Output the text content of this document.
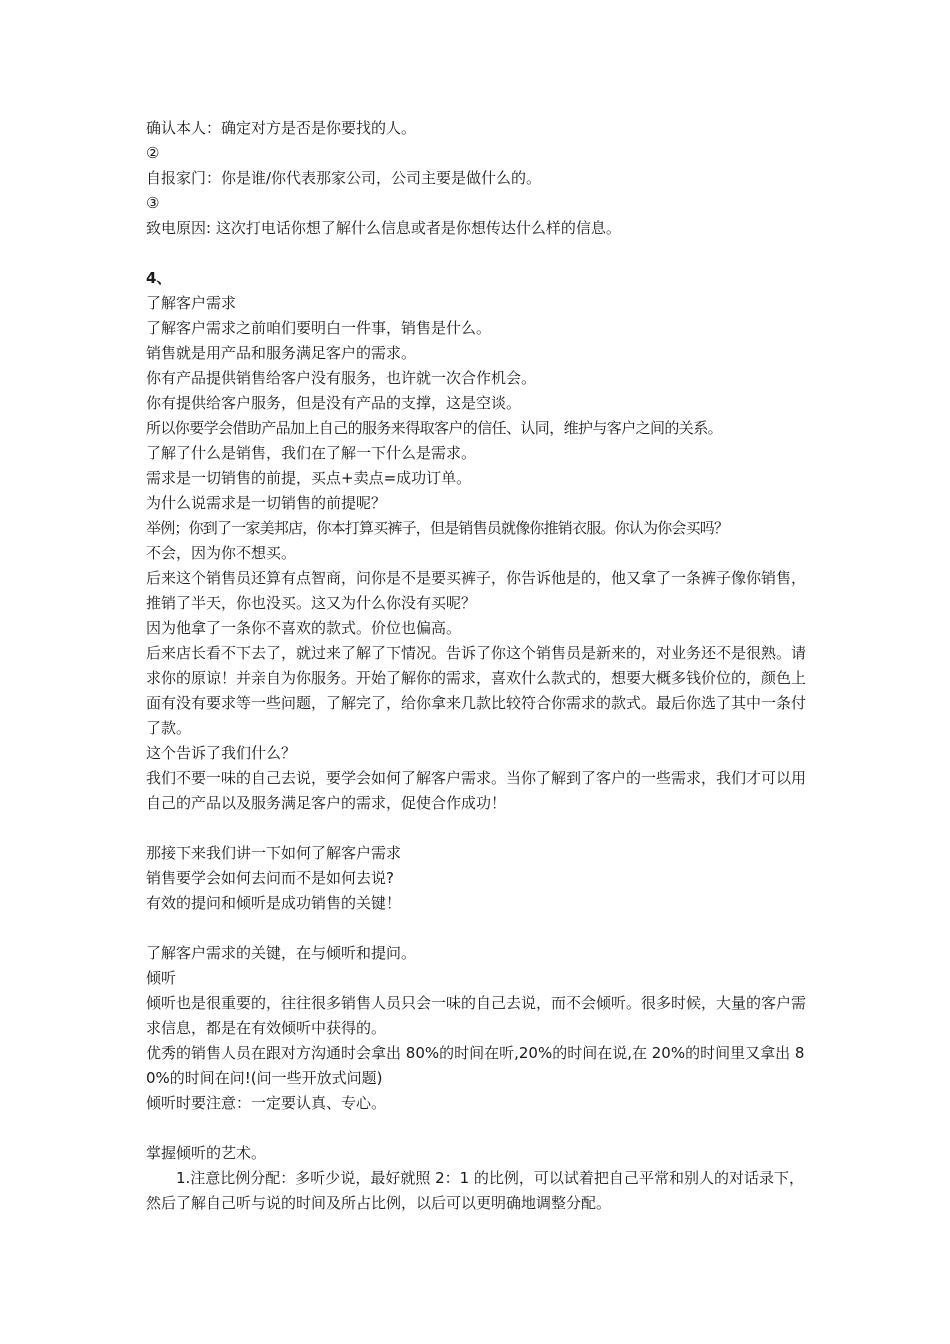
确认本人：确定对方是否是你要找的人。
②
自报家门：你是谁/你代表那家公司，公司主要是做什么的。
③
致电原因: 这次打电话你想了解什么信息或者是你想传达什么样的信息。
4、
了解客户需求
了解客户需求之前咱们要明白一件事，销售是什么。
销售就是用产品和服务满足客户的需求。
你有产品提供销售给客户没有服务，也许就一次合作机会。
你有提供给客户服务，但是没有产品的支撑，这是空谈。
所以你要学会借助产品加上自己的服务来得取客户的信任、认同，维护与客户之间的关系。
了解了什么是销售，我们在了解一下什么是需求。
需求是一切销售的前提，买点+卖点=成功订单。
为什么说需求是一切销售的前提呢？
举例；你到了一家美邦店，你本打算买裤子，但是销售员就像你推销衣服。你认为你会买吗？
不会，因为你不想买。
后来这个销售员还算有点智商，问你是不是要买裤子，你告诉他是的，他又拿了一条裤子像你销售，推销了半天，你也没买。这又为什么你没有买呢？
因为他拿了一条你不喜欢的款式。价位也偏高。
后来店长看不下去了，就过来了解了下情况。告诉了你这个销售员是新来的，对业务还不是很熟。请求你的原谅！并亲自为你服务。开始了解你的需求，喜欢什么款式的，想要大概多钱价位的，颜色上面有没有要求等一些问题，了解完了，给你拿来几款比较符合你需求的款式。最后你选了其中一条付了款。
这个告诉了我们什么？
我们不要一味的自己去说，要学会如何了解客户需求。当你了解到了客户的一些需求，我们才可以用自己的产品以及服务满足客户的需求，促使合作成功！
那接下来我们讲一下如何了解客户需求
销售要学会如何去问而不是如何去说?
有效的提问和倾听是成功销售的关键！
了解客户需求的关键，在与倾听和提问。
倾听
倾听也是很重要的，往往很多销售人员只会一味的自己去说，而不会倾听。很多时候，大量的客户需求信息，都是在有效倾听中获得的。
优秀的销售人员在跟对方沟通时会拿出 80%的时间在听,20%的时间在说,在 20%的时间里又拿出 80%的时间在问!(问一些开放式问题)
倾听时要注意：一定要认真、专心。
掌握倾听的艺术。
1.注意比例分配：多听少说，最好就照 2：1 的比例，可以试着把自己平常和别人的对话录下，然后了解自己听与说的时间及所占比例，以后可以更明确地调整分配。
